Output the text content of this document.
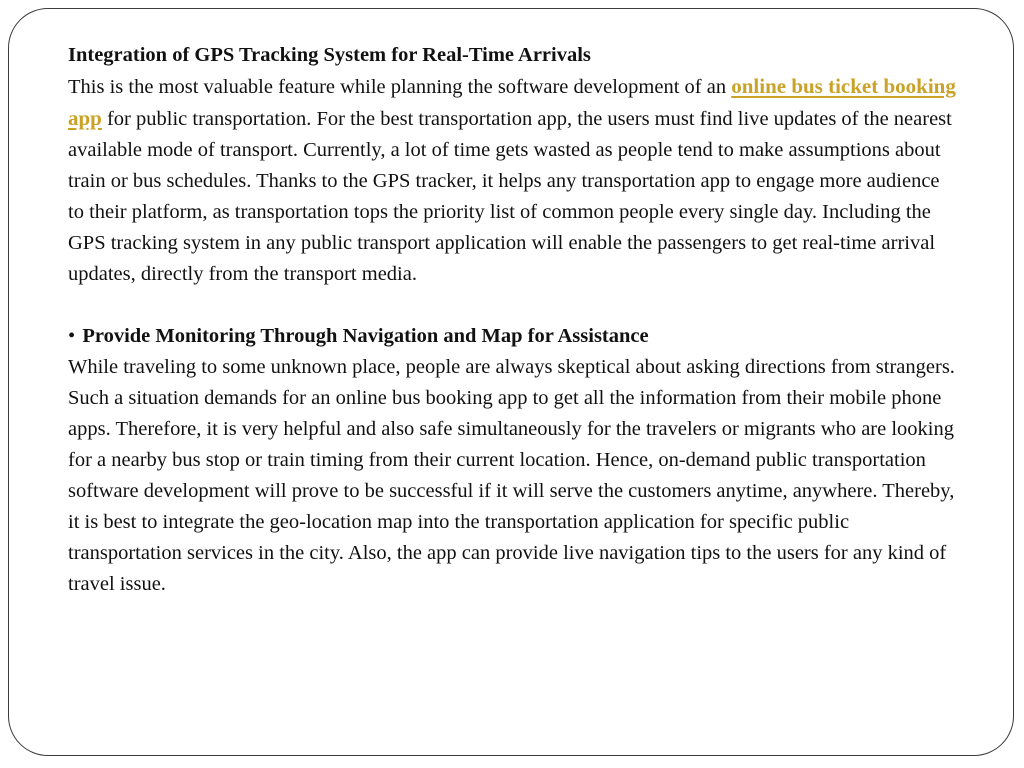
Integration of GPS Tracking System for Real-Time Arrivals
This is the most valuable feature while planning the software development of an online bus ticket booking app for public transportation. For the best transportation app, the users must find live updates of the nearest available mode of transport. Currently, a lot of time gets wasted as people tend to make assumptions about train or bus schedules. Thanks to the GPS tracker, it helps any transportation app to engage more audience to their platform, as transportation tops the priority list of common people every single day. Including the GPS tracking system in any public transport application will enable the passengers to get real-time arrival updates, directly from the transport media.
• Provide Monitoring Through Navigation and Map for Assistance
While traveling to some unknown place, people are always skeptical about asking directions from strangers. Such a situation demands for an online bus booking app to get all the information from their mobile phone apps. Therefore, it is very helpful and also safe simultaneously for the travelers or migrants who are looking for a nearby bus stop or train timing from their current location. Hence, on-demand public transportation software development will prove to be successful if it will serve the customers anytime, anywhere. Thereby, it is best to integrate the geo-location map into the transportation application for specific public transportation services in the city. Also, the app can provide live navigation tips to the users for any kind of travel issue.
